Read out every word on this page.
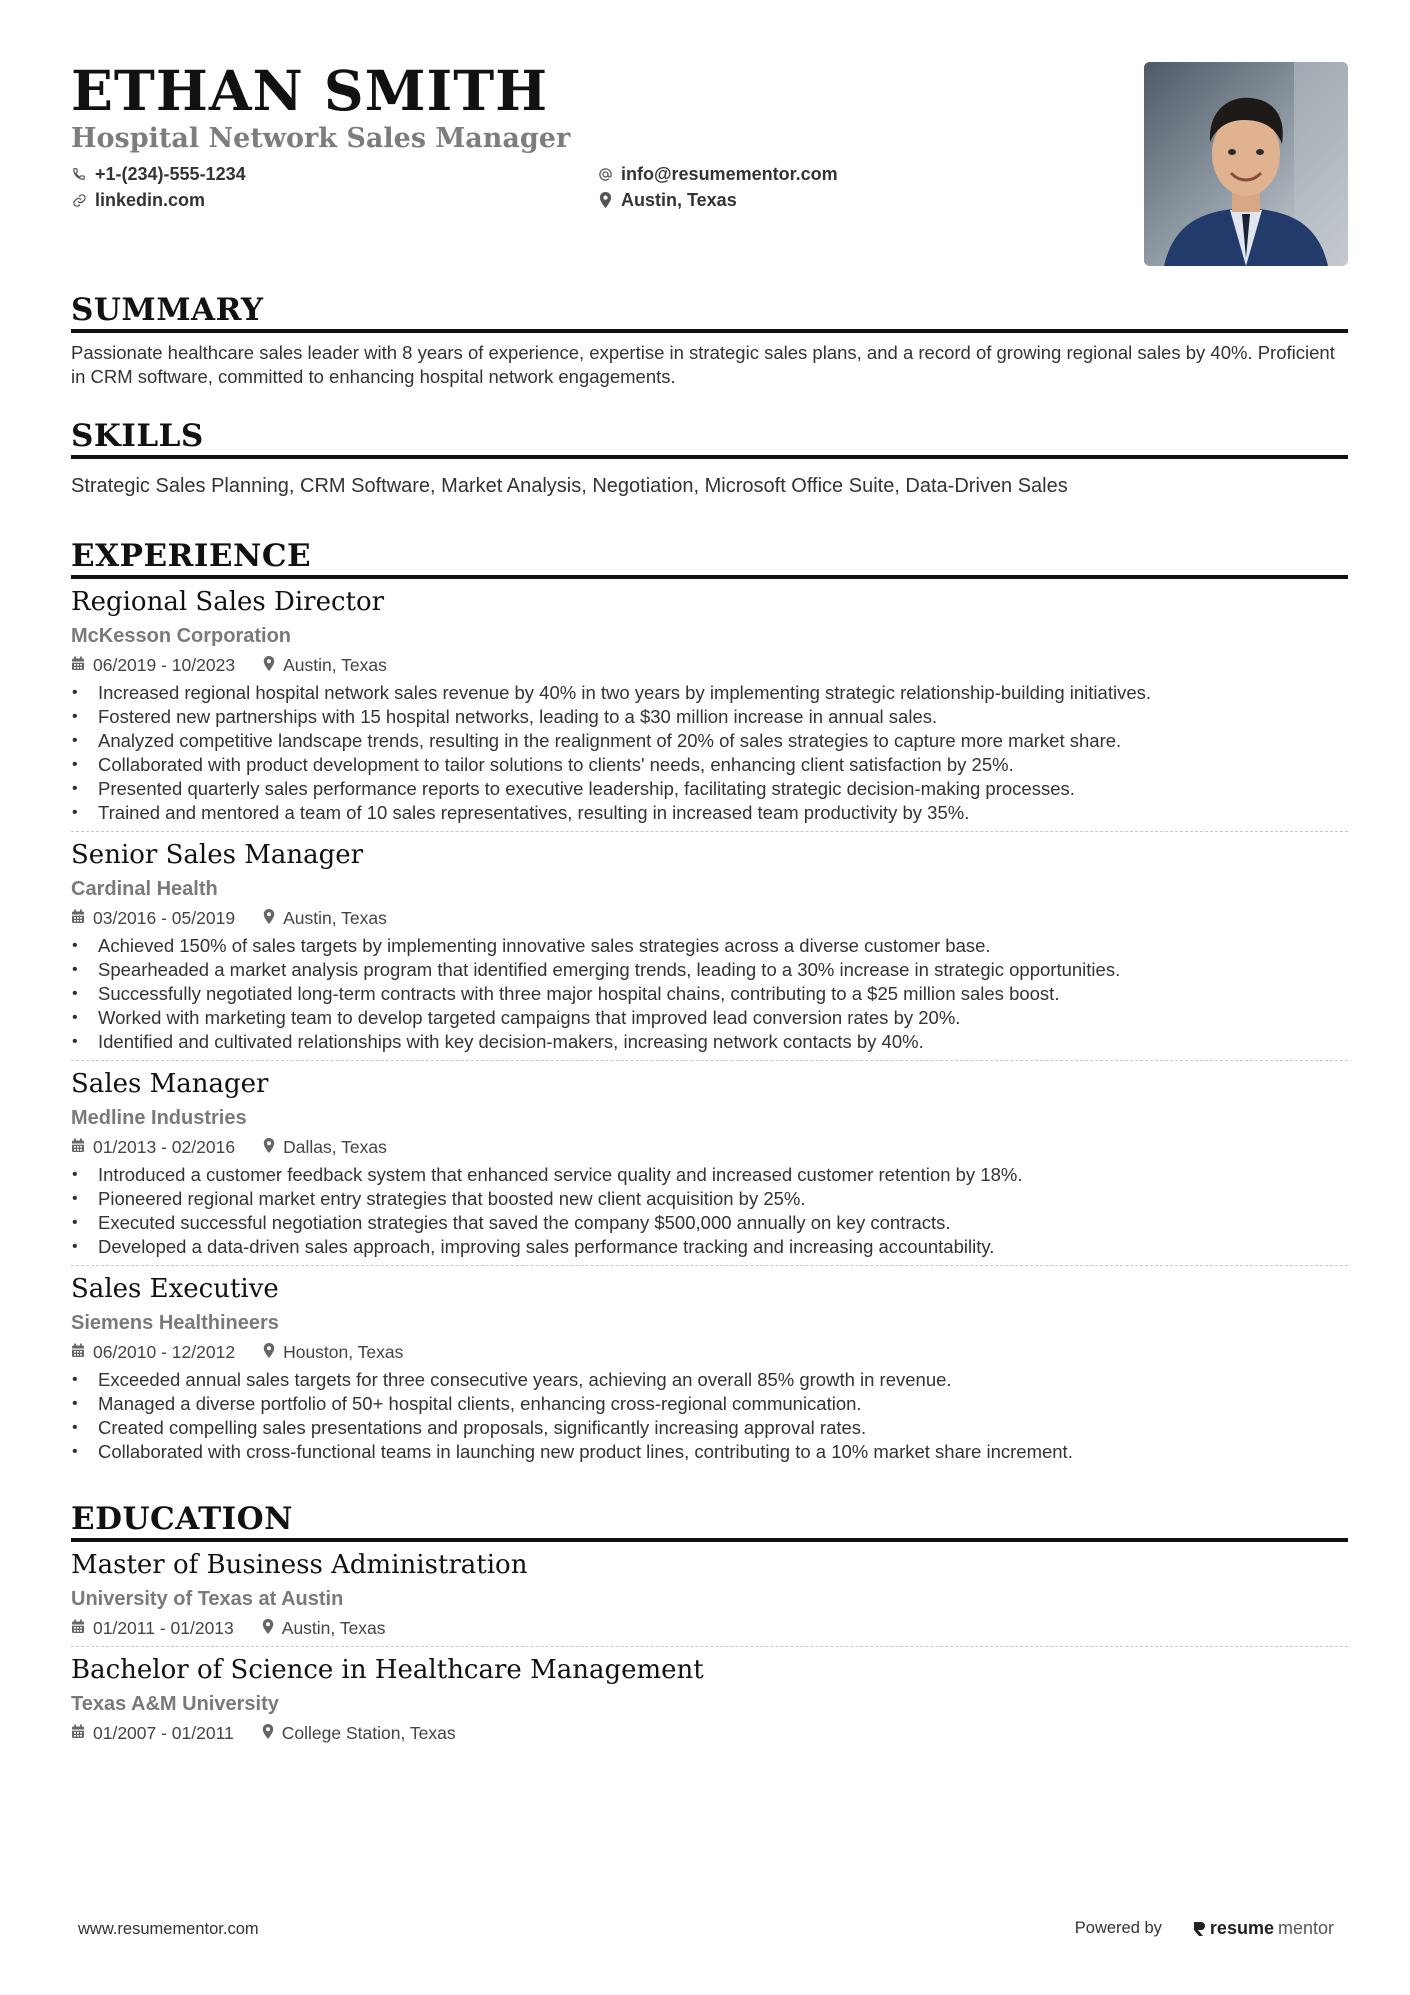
ETHAN SMITH
Hospital Network Sales Manager
+1-(234)-555-1234
linkedin.com
info@resumementor.com
Austin, Texas
SUMMARY
Passionate healthcare sales leader with 8 years of experience, expertise in strategic sales plans, and a record of growing regional sales by 40%. Proficient in CRM software, committed to enhancing hospital network engagements.
SKILLS
Strategic Sales Planning, CRM Software, Market Analysis, Negotiation, Microsoft Office Suite, Data-Driven Sales
EXPERIENCE
Regional Sales Director
McKesson Corporation
06/2019 - 10/2023	Austin, Texas
• Increased regional hospital network sales revenue by 40% in two years by implementing strategic relationship-building initiatives.
• Fostered new partnerships with 15 hospital networks, leading to a $30 million increase in annual sales.
• Analyzed competitive landscape trends, resulting in the realignment of 20% of sales strategies to capture more market share.
• Collaborated with product development to tailor solutions to clients' needs, enhancing client satisfaction by 25%.
• Presented quarterly sales performance reports to executive leadership, facilitating strategic decision-making processes.
• Trained and mentored a team of 10 sales representatives, resulting in increased team productivity by 35%.
Senior Sales Manager
Cardinal Health
03/2016 - 05/2019	Austin, Texas
• Achieved 150% of sales targets by implementing innovative sales strategies across a diverse customer base.
• Spearheaded a market analysis program that identified emerging trends, leading to a 30% increase in strategic opportunities.
• Successfully negotiated long-term contracts with three major hospital chains, contributing to a $25 million sales boost.
• Worked with marketing team to develop targeted campaigns that improved lead conversion rates by 20%.
• Identified and cultivated relationships with key decision-makers, increasing network contacts by 40%.
Sales Manager
Medline Industries
01/2013 - 02/2016	Dallas, Texas
• Introduced a customer feedback system that enhanced service quality and increased customer retention by 18%.
• Pioneered regional market entry strategies that boosted new client acquisition by 25%.
• Executed successful negotiation strategies that saved the company $500,000 annually on key contracts.
• Developed a data-driven sales approach, improving sales performance tracking and increasing accountability.
Sales Executive
Siemens Healthineers
06/2010 - 12/2012	Houston, Texas
• Exceeded annual sales targets for three consecutive years, achieving an overall 85% growth in revenue.
• Managed a diverse portfolio of 50+ hospital clients, enhancing cross-regional communication.
• Created compelling sales presentations and proposals, significantly increasing approval rates.
• Collaborated with cross-functional teams in launching new product lines, contributing to a 10% market share increment.
EDUCATION
Master of Business Administration
University of Texas at Austin
01/2011 - 01/2013	Austin, Texas
Bachelor of Science in Healthcare Management
Texas A&M University
01/2007 - 01/2011	College Station, Texas
www.resumementor.com	Powered by	resume mentor
